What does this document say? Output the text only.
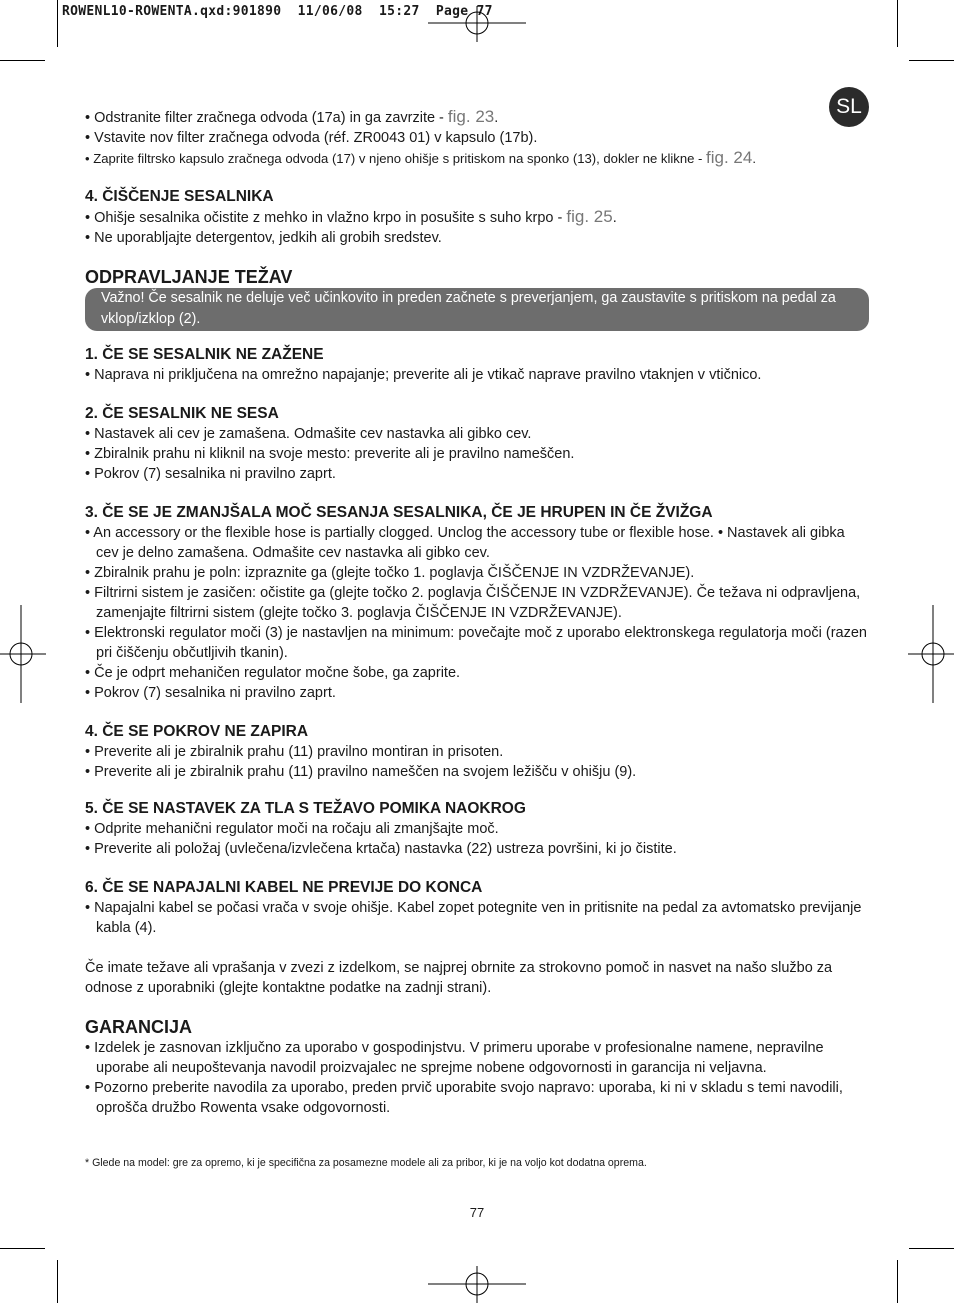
ROWENL10-ROWENTA.qxd:901890  11/06/08  15:27  Page 77
SL

• Odstranite filter zračnega odvoda (17a) in ga zavrzite - fig. 23.

• Vstavite nov filter zračnega odvoda (réf. ZR0043 01) v kapsulo (17b).

• Zaprite filtrsko kapsulo zračnega odvoda (17) v njeno ohišje s pritiskom na sponko (13), dokler ne klikne - fig. 24.

4. ČIŠČENJE SESALNIKA

• Ohišje sesalnika očistite z mehko in vlažno krpo in posušite s suho krpo - fig. 25.

• Ne uporabljajte detergentov, jedkih ali grobih sredstev.

ODPRAVLJANJE TEŽAV

Važno! Če sesalnik ne deluje več učinkovito in preden začnete s preverjanjem, ga zaustavite s pritiskom na pedal za vklop/izklop (2).

1. ČE SE SESALNIK NE ZAŽENE

• Naprava ni priključena na omrežno napajanje; preverite ali je vtikač naprave pravilno vtaknjen v vtičnico.

2. ČE SESALNIK NE SESA

• Nastavek ali cev je zamašena. Odmašite cev nastavka ali gibko cev.

• Zbiralnik prahu ni kliknil na svoje mesto: preverite ali je pravilno nameščen.

• Pokrov (7) sesalnika ni pravilno zaprt.

3. ČE SE JE ZMANJŠALA MOČ SESANJA SESALNIKA, ČE JE HRUPEN IN ČE ŽVIŽGA

• An accessory or the flexible hose is partially clogged. Unclog the accessory tube or flexible hose. • Nastavek ali gibka cev je delno zamašena. Odmašite cev nastavka ali gibko cev.

• Zbiralnik prahu je poln: izpraznite ga (glejte točko 1. poglavja ČIŠČENJE IN VZDRŽEVANJE).

• Filtrirni sistem je zasičen: očistite ga (glejte točko 2. poglavja ČIŠČENJE IN VZDRŽEVANJE). Če težava ni odpravljena, zamenjajte filtrirni sistem (glejte točko 3. poglavja ČIŠČENJE IN VZDRŽEVANJE).

• Elektronski regulator moči (3) je nastavljen na minimum: povečajte moč z uporabo elektronskega regulatorja moči (razen pri čiščenju občutljivih tkanin).

• Če je odprt mehaničen regulator močne šobe, ga zaprite.

• Pokrov (7) sesalnika ni pravilno zaprt.

4. ČE SE POKROV NE ZAPIRA

• Preverite ali je zbiralnik prahu (11) pravilno montiran in prisoten.

• Preverite ali je zbiralnik prahu (11) pravilno nameščen na svojem ležišču v ohišju (9).

5. ČE SE NASTAVEK ZA TLA S TEŽAVO POMIKA NAOKROG

• Odprite mehanični regulator moči na ročaju ali zmanjšajte moč.

• Preverite ali položaj (uvlečena/izvlečena krtača) nastavka (22) ustreza površini, ki jo čistite.

6. ČE SE NAPAJALNI KABEL NE PREVIJE DO KONCA

• Napajalni kabel se počasi vrača v svoje ohišje. Kabel zopet potegnite ven in pritisnite na pedal za avtomatsko previjanje kabla (4).

Če imate težave ali vprašanja v zvezi z izdelkom, se najprej obrnite za strokovno pomoč in nasvet na našo službo za odnose z uporabniki (glejte kontaktne podatke na zadnji strani).

GARANCIJA

• Izdelek je zasnovan izključno za uporabo v gospodinjstvu. V primeru uporabe v profesionalne namene, nepravilne uporabe ali neupoštevanja navodil proizvajalec ne sprejme nobene odgovornosti in garancija ni veljavna.

• Pozorno preberite navodila za uporabo, preden prvič uporabite svojo napravo: uporaba, ki ni v skladu s temi navodili, oprošča družbo Rowenta vsake odgovornosti.

* Glede na model: gre za opremo, ki je specifična za posamezne modele ali za pribor, ki je na voljo kot dodatna oprema.

77
